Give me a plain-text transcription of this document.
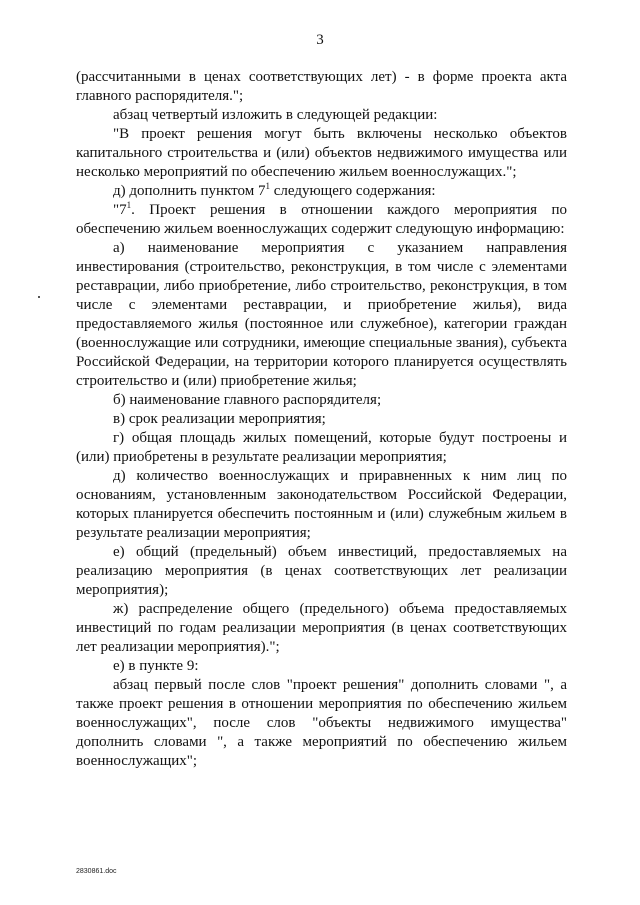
3

(рассчитанными в ценах соответствующих лет) - в форме проекта акта главного распорядителя.";

абзац четвертый изложить в следующей редакции:

"В проект решения могут быть включены несколько объектов капитального строительства и (или) объектов недвижимого имущества или несколько мероприятий по обеспечению жильем военнослужащих.";

д) дополнить пунктом $7^1$ следующего содержания:

"$7^1$. Проект решения в отношении каждого мероприятия по обеспечению жильем военнослужащих содержит следующую информацию:

а) наименование мероприятия с указанием направления инвестирования (строительство, реконструкция, в том числе с элементами реставрации, либо приобретение, либо строительство, реконструкция, в том числе с элементами реставрации, и приобретение жилья), вида предоставляемого жилья (постоянное или служебное), категории граждан (военнослужащие или сотрудники, имеющие специальные звания), субъекта Российской Федерации, на территории которого планируется осуществлять строительство и (или) приобретение жилья;

б) наименование главного распорядителя;

в) срок реализации мероприятия;

г) общая площадь жилых помещений, которые будут построены и (или) приобретены в результате реализации мероприятия;

д) количество военнослужащих и приравненных к ним лиц по основаниям, установленным законодательством Российской Федерации, которых планируется обеспечить постоянным и (или) служебным жильем в результате реализации мероприятия;

е) общий (предельный) объем инвестиций, предоставляемых на реализацию мероприятия (в ценах соответствующих лет реализации мероприятия);

ж) распределение общего (предельного) объема предоставляемых инвестиций по годам реализации мероприятия (в ценах соответствующих лет реализации мероприятия).";

е) в пункте 9:

абзац первый после слов "проект решения" дополнить словами ", а также проект решения в отношении мероприятия по обеспечению жильем военнослужащих", после слов "объекты недвижимого имущества" дополнить словами ", а также мероприятий по обеспечению жильем военнослужащих";

2830861.doc
